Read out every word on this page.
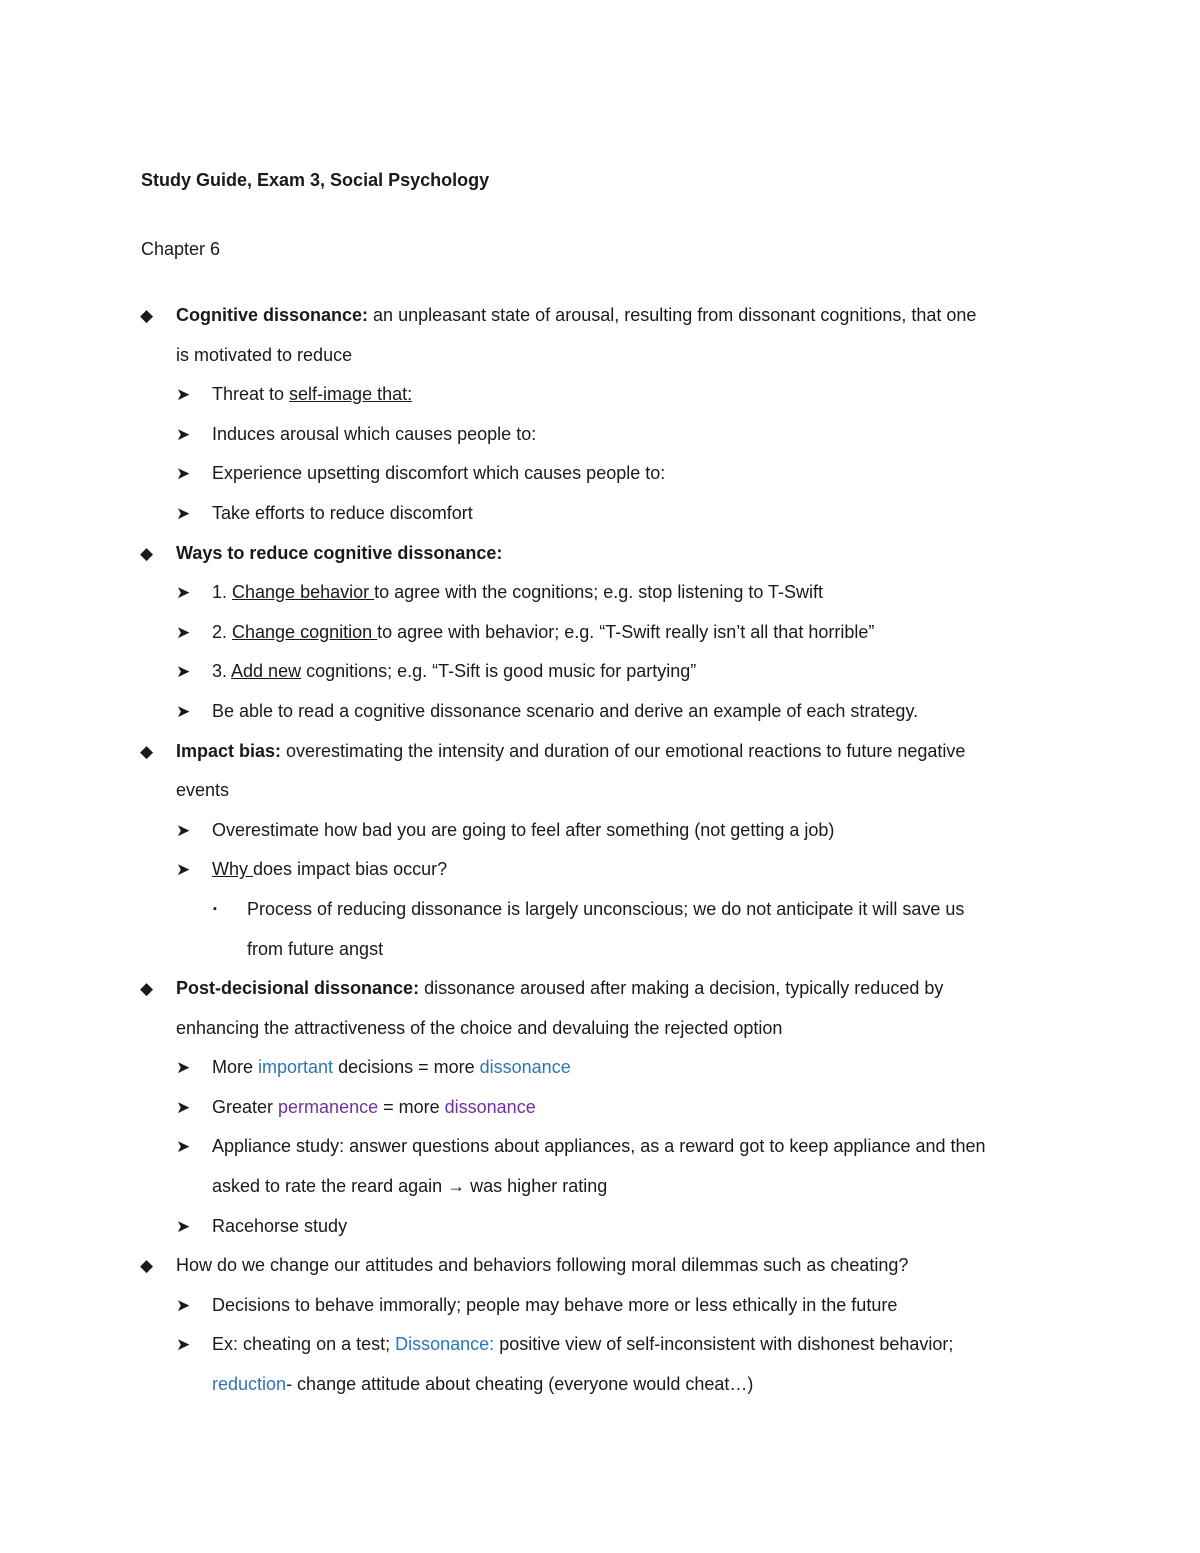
Study Guide, Exam 3, Social Psychology
Chapter 6
◆ Cognitive dissonance: an unpleasant state of arousal, resulting from dissonant cognitions, that one
is motivated to reduce
➤ Threat to self-image that:
➤ Induces arousal which causes people to:
➤ Experience upsetting discomfort which causes people to:
➤ Take efforts to reduce discomfort
◆ Ways to reduce cognitive dissonance:
➤ 1. Change behavior to agree with the cognitions; e.g. stop listening to T-Swift
➤ 2. Change cognition to agree with behavior; e.g. “T-Swift really isn’t all that horrible”
➤ 3. Add new cognitions; e.g. “T-Sift is good music for partying”
➤ Be able to read a cognitive dissonance scenario and derive an example of each strategy.
◆ Impact bias: overestimating the intensity and duration of our emotional reactions to future negative
events
➤ Overestimate how bad you are going to feel after something (not getting a job)
➤ Why does impact bias occur?
▪ Process of reducing dissonance is largely unconscious; we do not anticipate it will save us
from future angst
◆ Post-decisional dissonance: dissonance aroused after making a decision, typically reduced by
enhancing the attractiveness of the choice and devaluing the rejected option
➤ More important decisions = more dissonance
➤ Greater permanence = more dissonance
➤ Appliance study: answer questions about appliances, as a reward got to keep appliance and then
asked to rate the reard again → was higher rating
➤ Racehorse study
◆ How do we change our attitudes and behaviors following moral dilemmas such as cheating?
➤ Decisions to behave immorally; people may behave more or less ethically in the future
➤ Ex: cheating on a test; Dissonance: positive view of self-inconsistent with dishonest behavior;
reduction- change attitude about cheating (everyone would cheat…)
